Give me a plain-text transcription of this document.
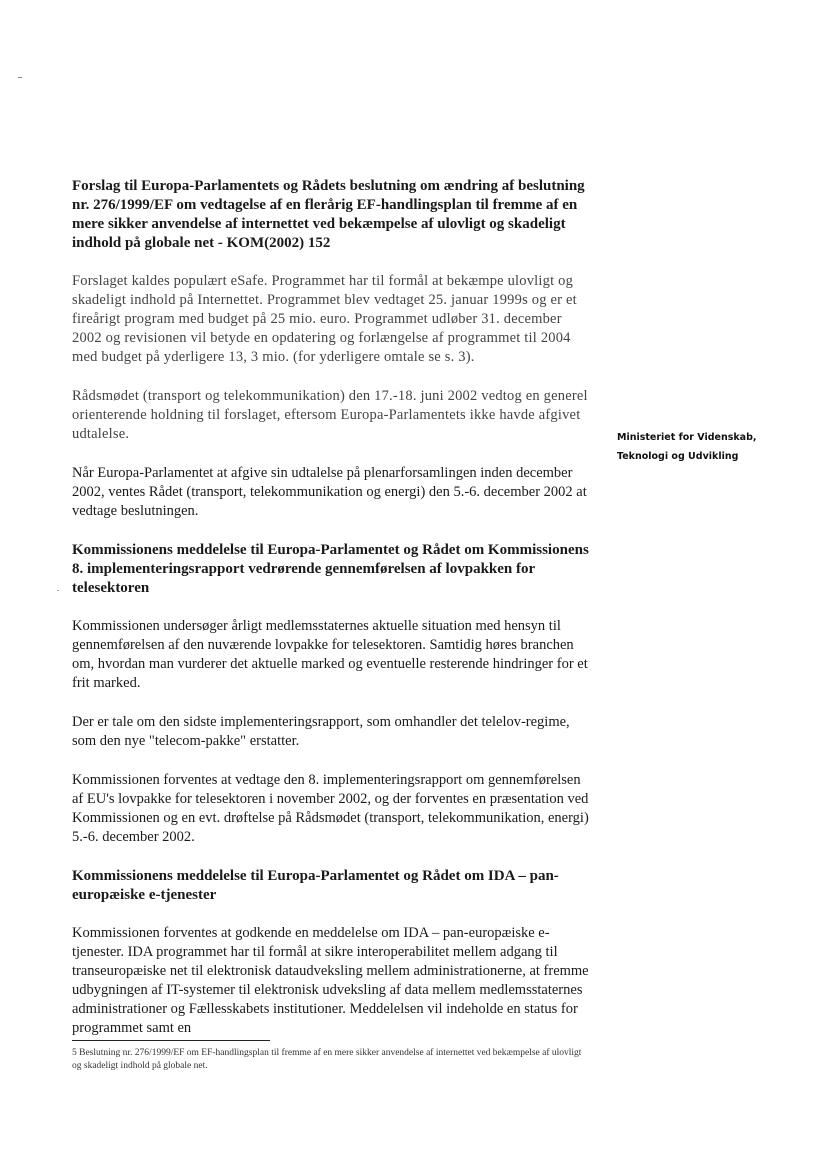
Forslag til Europa-Parlamentets og Rådets beslutning om ændring af beslutning nr. 276/1999/EF om vedtagelse af en flerårig EF-handlingsplan til fremme af en mere sikker anvendelse af internettet ved bekæmpelse af ulovligt og skadeligt indhold på globale net - KOM(2002) 152

Forslaget kaldes populært eSafe. Programmet har til formål at bekæmpe ulovligt og skadeligt indhold på Internettet. Programmet blev vedtaget 25. januar 1999s og er et fireårigt program med budget på 25 mio. euro. Programmet udløber 31. december 2002 og revisionen vil betyde en opdatering og forlængelse af programmet til 2004 med budget på yderligere 13, 3 mio. (for yderligere omtale se s. 3).

Rådsmødet (transport og telekommunikation) den 17.-18. juni 2002 vedtog en generel orienterende holdning til forslaget, eftersom Europa-Parlamentets ikke havde afgivet udtalelse.

Når Europa-Parlamentet at afgive sin udtalelse på plenarforsamlingen inden december 2002, ventes Rådet (transport, telekommunikation og energi) den 5.-6. december 2002 at vedtage beslutningen.

Kommissionens meddelelse til Europa-Parlamentet og Rådet om Kommissionens 8. implementeringsrapport vedrørende gennemførelsen af lovpakken for telesektoren

Kommissionen undersøger årligt medlemsstaternes aktuelle situation med hensyn til gennemførelsen af den nuværende lovpakke for telesektoren. Samtidig høres branchen om, hvordan man vurderer det aktuelle marked og eventuelle resterende hindringer for et frit marked.

Der er tale om den sidste implementeringsrapport, som omhandler det telelov-regime, som den nye "telecom-pakke" erstatter.

Kommissionen forventes at vedtage den 8. implementeringsrapport om gennemførelsen af EU's lovpakke for telesektoren i november 2002, og der forventes en præsentation ved Kommissionen og en evt. drøftelse på Rådsmødet (transport, telekommunikation, energi) 5.-6. december 2002.

Kommissionens meddelelse til Europa-Parlamentet og Rådet om IDA – pan-europæiske e-tjenester

Kommissionen forventes at godkende en meddelelse om IDA – pan-europæiske e-tjenester. IDA programmet har til formål at sikre interoperabilitet mellem adgang til transeuropæiske net til elektronisk dataudveksling mellem administrationerne, at fremme udbygningen af IT-systemer til elektronisk udveksling af data mellem medlemsstaternes administrationer og Fællesskabets institutioner. Meddelelsen vil indeholde en status for programmet samt en

Ministeriet for Videnskab,
Teknologi og Udvikling
5 Beslutning nr. 276/1999/EF om EF-handlingsplan til fremme af en mere sikker anvendelse af internettet ved bekæmpelse af ulovligt og skadeligt indhold på globale net.
